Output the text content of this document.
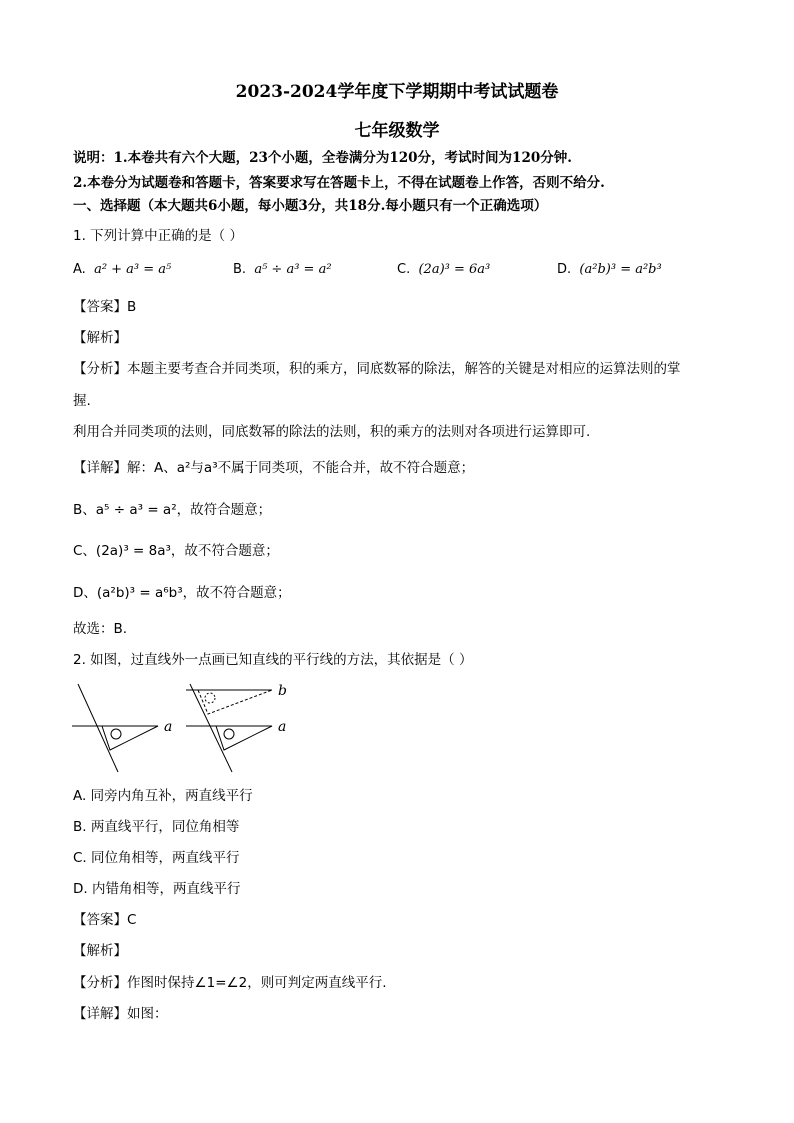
2023-2024学年度下学期期中考试试题卷
七年级数学
说明：1.本卷共有六个大题，23个小题，全卷满分为120分，考试时间为120分钟.
2.本卷分为试题卷和答题卡，答案要求写在答题卡上，不得在试题卷上作答，否则不给分.
一、选择题（本大题共6小题，每小题3分，共18分.每小题只有一个正确选项）
1. 下列计算中正确的是（ ）
A. a² + a³ = a⁵	B. a⁵ ÷ a³ = a²	C. (2a)³ = 6a³	D. (a²b)³ = a²b³
【答案】B
【解析】
【分析】本题主要考查合并同类项，积的乘方，同底数幂的除法，解答的关键是对相应的运算法则的掌
握.
利用合并同类项的法则，同底数幂的除法的法则，积的乘方的法则对各项进行运算即可.
【详解】解：A、a²与a³不属于同类项，不能合并，故不符合题意；
B、a⁵ ÷ a³ = a²，故符合题意；
C、(2a)³ = 8a³，故不符合题意；
D、(a²b)³ = a⁶b³，故不符合题意；
故选：B.
2. 如图，过直线外一点画已知直线的平行线的方法，其依据是（ ）
a
b
a
A. 同旁内角互补，两直线平行
B. 两直线平行，同位角相等
C. 同位角相等，两直线平行
D. 内错角相等，两直线平行
【答案】C
【解析】
【分析】作图时保持∠1=∠2，则可判定两直线平行.
【详解】如图：
